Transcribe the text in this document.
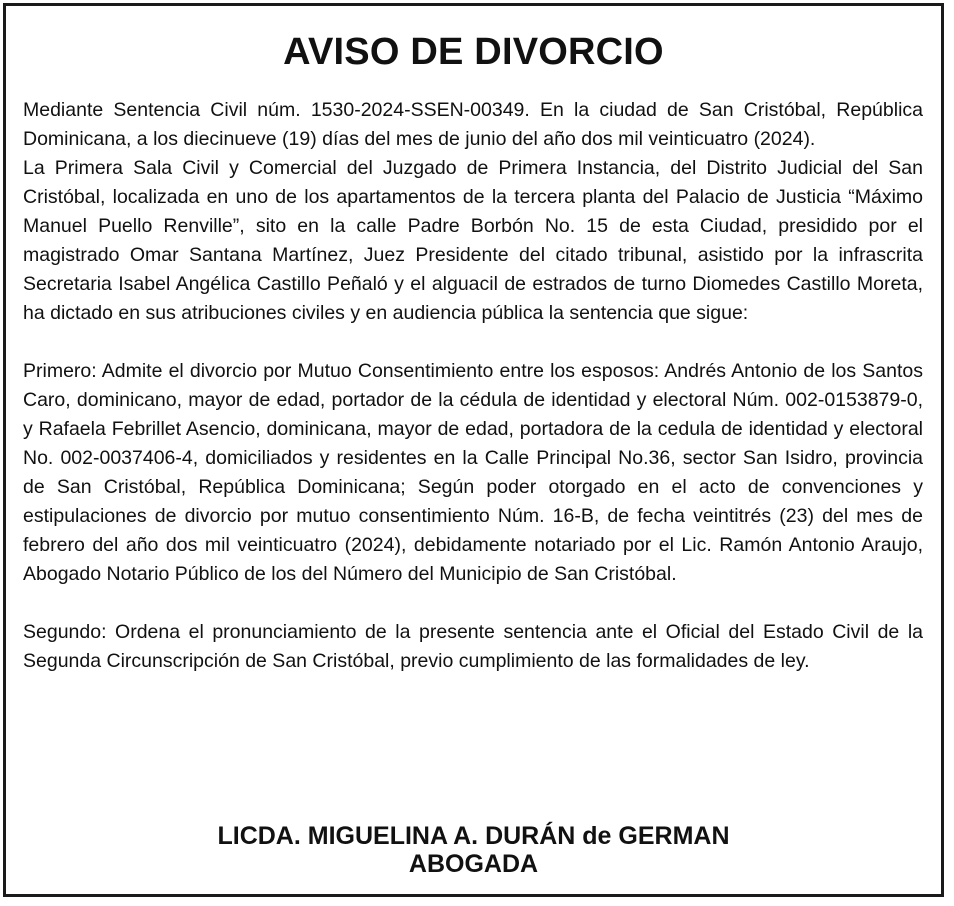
AVISO DE DIVORCIO

Mediante Sentencia Civil núm. 1530-2024-SSEN-00349. En la ciudad de San Cristóbal, República Dominicana, a los diecinueve (19) días del mes de junio del año dos mil veinticuatro (2024).

La Primera Sala Civil y Comercial del Juzgado de Primera Instancia, del Distrito Judicial del San Cristóbal, localizada en uno de los apartamentos de la tercera planta del Palacio de Justicia “Máximo Manuel Puello Renville”, sito en la calle Padre Borbón No. 15 de esta Ciudad, presidido por el magistrado Omar Santana Martínez, Juez Presidente del citado tribunal, asistido por la infrascrita Secretaria Isabel Angélica Castillo Peñaló y el alguacil de estrados de turno Diomedes Castillo Moreta, ha dictado en sus atribuciones civiles y en audiencia pública la sentencia que sigue:

Primero: Admite el divorcio por Mutuo Consentimiento entre los esposos: Andrés Antonio de los Santos Caro, dominicano, mayor de edad, portador de la cédula de identidad y electoral Núm. 002-0153879-0, y Rafaela Febrillet Asencio, dominicana, mayor de edad, portadora de la cedula de identidad y electoral No. 002-0037406-4, domiciliados y residentes en la Calle Principal No.36, sector San Isidro, provincia de San Cristóbal, República Dominicana; Según poder otorgado en el acto de convenciones y estipulaciones de divorcio por mutuo consentimiento Núm. 16-B, de fecha veintitrés (23) del mes de febrero del año dos mil veinticuatro (2024), debidamente notariado por el Lic. Ramón Antonio Araujo, Abogado Notario Público de los del Número del Municipio de San Cristóbal.

Segundo: Ordena el pronunciamiento de la presente sentencia ante el Oficial del Estado Civil de la Segunda Circunscripción de San Cristóbal, previo cumplimiento de las formalidades de ley.

LICDA. MIGUELINA A. DURÁN de GERMAN
ABOGADA
